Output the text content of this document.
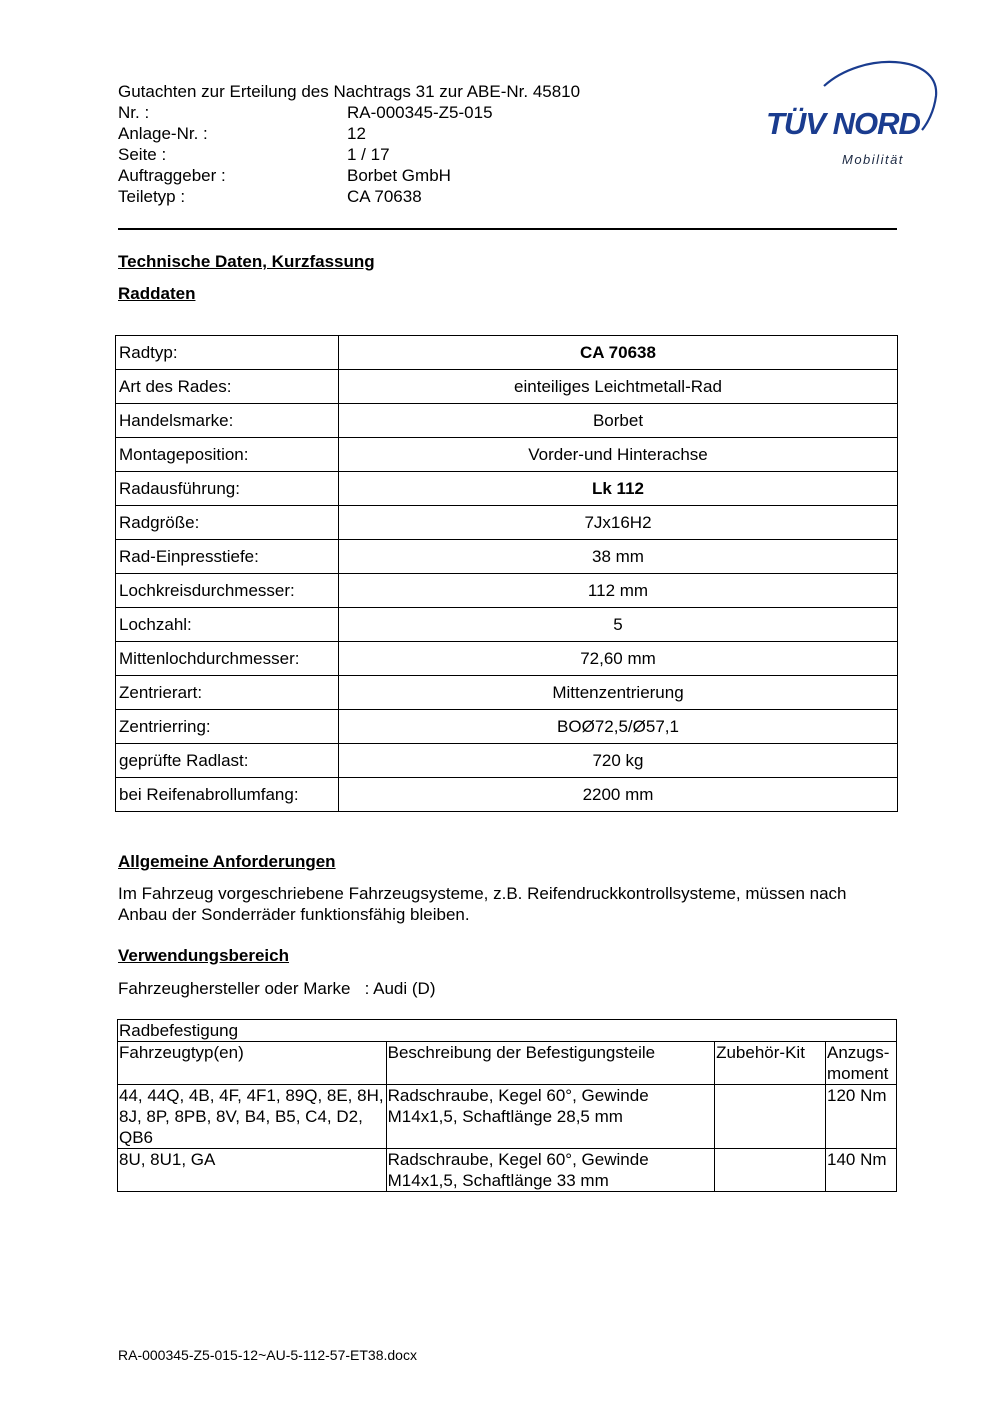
Gutachten zur Erteilung des Nachtrags 31 zur ABE-Nr. 45810
Nr. :	RA-000345-Z5-015
Anlage-Nr. :	12
Seite :	1 / 17
Auftraggeber :	Borbet GmbH
Teiletyp :	CA 70638
TÜV NORD
Mobilität
Technische Daten, Kurzfassung
Raddaten
Radtyp:	CA 70638
Art des Rades:	einteiliges Leichtmetall-Rad
Handelsmarke:	Borbet
Montageposition:	Vorder-und Hinterachse
Radausführung:	Lk 112
Radgröße:	7Jx16H2
Rad-Einpresstiefe:	38 mm
Lochkreisdurchmesser:	112 mm
Lochzahl:	5
Mittenlochdurchmesser:	72,60 mm
Zentrierart:	Mittenzentrierung
Zentrierring:	BOØ72,5/Ø57,1
geprüfte Radlast:	720 kg
bei Reifenabrollumfang:	2200 mm
Allgemeine Anforderungen
Im Fahrzeug vorgeschriebene Fahrzeugsysteme, z.B. Reifendruckkontrollsysteme, müssen nach Anbau der Sonderräder funktionsfähig bleiben.
Verwendungsbereich
Fahrzeughersteller oder Marke : Audi (D)
Radbefestigung			
Fahrzeugtyp(en)	Beschreibung der Befestigungsteile	Zubehör-Kit	Anzugs-moment
44, 44Q, 4B, 4F, 4F1, 89Q, 8E, 8H, 8J, 8P, 8PB, 8V, B4, B5, C4, D2, QB6	Radschraube, Kegel 60°, Gewinde M14x1,5, Schaftlänge 28,5 mm		120 Nm
8U, 8U1, GA	Radschraube, Kegel 60°, Gewinde M14x1,5, Schaftlänge 33 mm		140 Nm
RA-000345-Z5-015-12~AU-5-112-57-ET38.docx
